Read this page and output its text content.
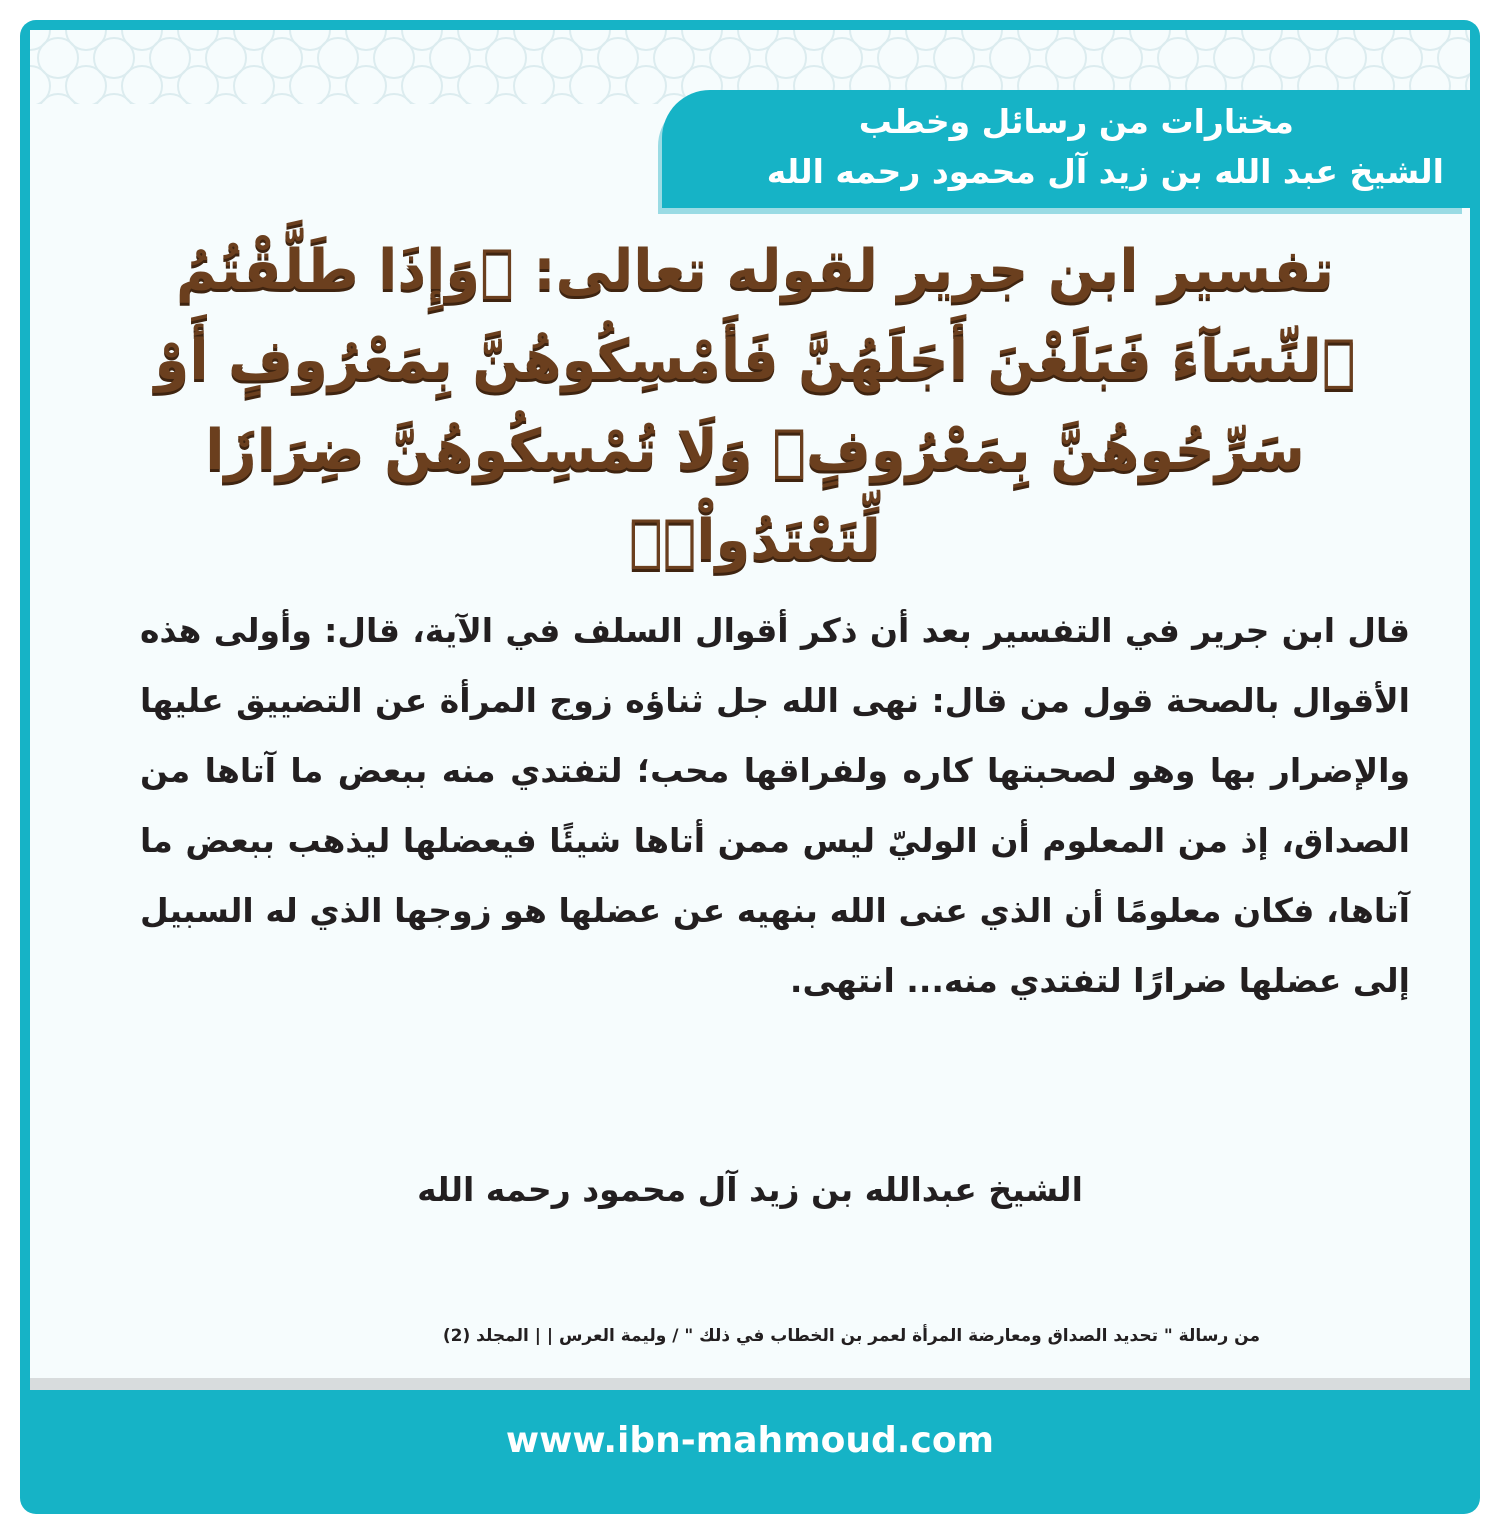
مختارات من رسائل وخطب
الشيخ عبد الله بن زيد آل محمود رحمه الله
تفسير ابن جرير لقوله تعالى: ﴿وَإِذَا طَلَّقْتُمُ ٱلنِّسَآءَ فَبَلَغْنَ أَجَلَهُنَّ فَأَمْسِكُوهُنَّ بِمَعْرُوفٍ أَوْ سَرِّحُوهُنَّ بِمَعْرُوفٍۚ وَلَا تُمْسِكُوهُنَّ ضِرَارٗا لِّتَعْتَدُواْۚ﴾

قال ابن جرير في التفسير بعد أن ذكر أقوال السلف في الآية، قال: وأولى هذه الأقوال بالصحة قول من قال: نهى الله جل ثناؤه زوج المرأة عن التضييق عليها والإضرار بها وهو لصحبتها كاره ولفراقها محب؛ لتفتدي منه ببعض ما آتاها من الصداق، إذ من المعلوم أن الوليّ ليس ممن أتاها شيئًا فيعضلها ليذهب ببعض ما آتاها، فكان معلومًا أن الذي عنى الله بنهيه عن عضلها هو زوجها الذي له السبيل إلى عضلها ضرارًا لتفتدي منه... انتهى.

الشيخ عبدالله بن زيد آل محمود رحمه الله
من رسالة " تحديد الصداق ومعارضة المرأة لعمر بن الخطاب في ذلك " / وليمة العرس | | المجلد (2)
www.ibn-mahmoud.com
